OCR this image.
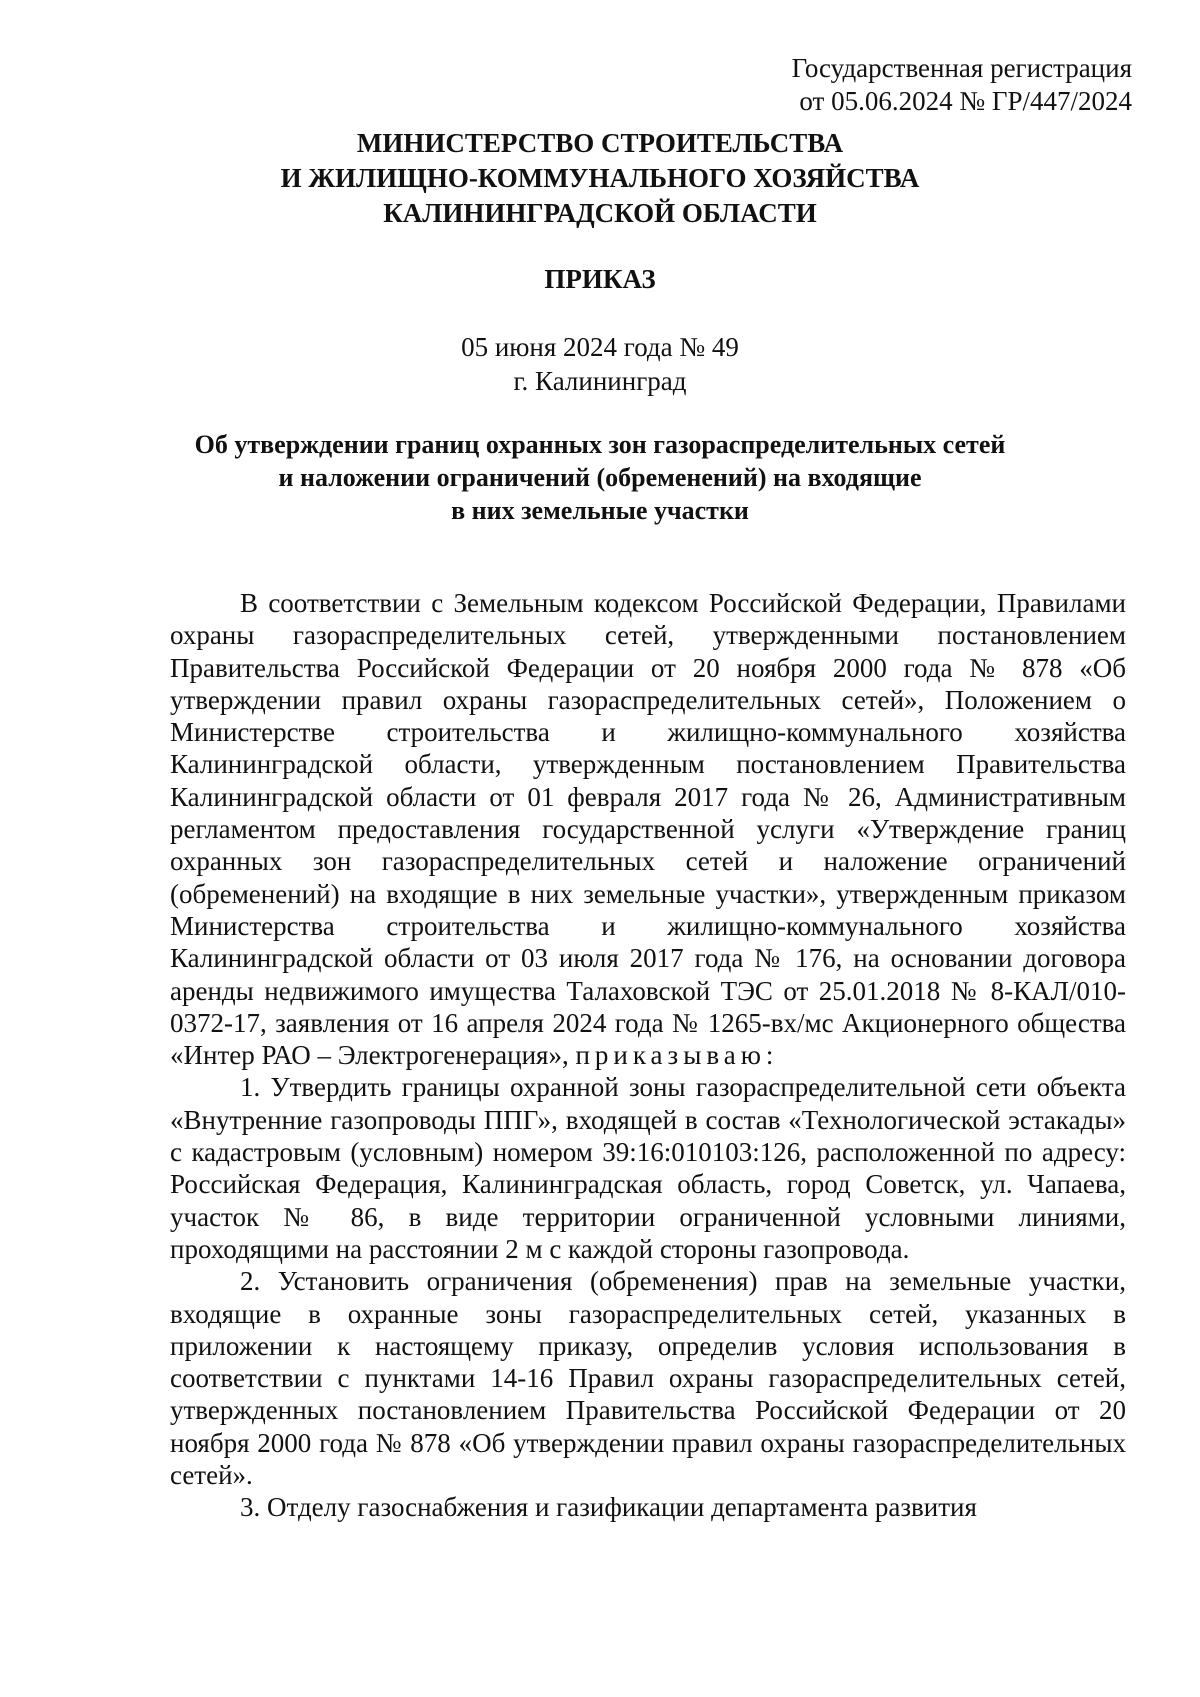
Государственная регистрация
от 05.06.2024 № ГР/447/2024
МИНИСТЕРСТВО СТРОИТЕЛЬСТВА
И ЖИЛИЩНО-КОММУНАЛЬНОГО ХОЗЯЙСТВА
КАЛИНИНГРАДСКОЙ ОБЛАСТИ
ПРИКАЗ
05 июня 2024 года № 49
г. Калининград
Об утверждении границ охранных зон газораспределительных сетей
и наложении ограничений (обременений) на входящие
в них земельные участки

В соответствии с Земельным кодексом Российской Федерации, Правилами охраны газораспределительных сетей, утвержденными постановлением Правительства Российской Федерации от 20 ноября 2000 года № 878 «Об утверждении правил охраны газораспределительных сетей», Положением о Министерстве строительства и жилищно-коммунального хозяйства Калининградской области, утвержденным постановлением Правительства Калининградской области от 01 февраля 2017 года № 26, Административным регламентом предоставления государственной услуги «Утверждение границ охранных зон газораспределительных сетей и наложение ограничений (обременений) на входящие в них земельные участки», утвержденным приказом Министерства строительства и жилищно-коммунального хозяйства Калининградской области от 03 июля 2017 года № 176, на основании договора аренды недвижимого имущества Талаховской ТЭС от 25.01.2018 № 8-КАЛ/010-0372-17, заявления от 16 апреля 2024 года № 1265-вх/мс Акционерного общества «Интер РАО – Электрогенерация», приказываю:

1. Утвердить границы охранной зоны газораспределительной сети объекта «Внутренние газопроводы ППГ», входящей в состав «Технологической эстакады» с кадастровым (условным) номером 39:16:010103:126, расположенной по адресу: Российская Федерация, Калининградская область, город Советск, ул. Чапаева, участок № 86, в виде территории ограниченной условными линиями, проходящими на расстоянии 2 м с каждой стороны газопровода.

2. Установить ограничения (обременения) прав на земельные участки, входящие в охранные зоны газораспределительных сетей, указанных в приложении к настоящему приказу, определив условия использования в соответствии с пунктами 14-16 Правил охраны газораспределительных сетей, утвержденных постановлением Правительства Российской Федерации от 20 ноября 2000 года № 878 «Об утверждении правил охраны газораспределительных сетей».

3. Отделу газоснабжения и газификации департамента развития
